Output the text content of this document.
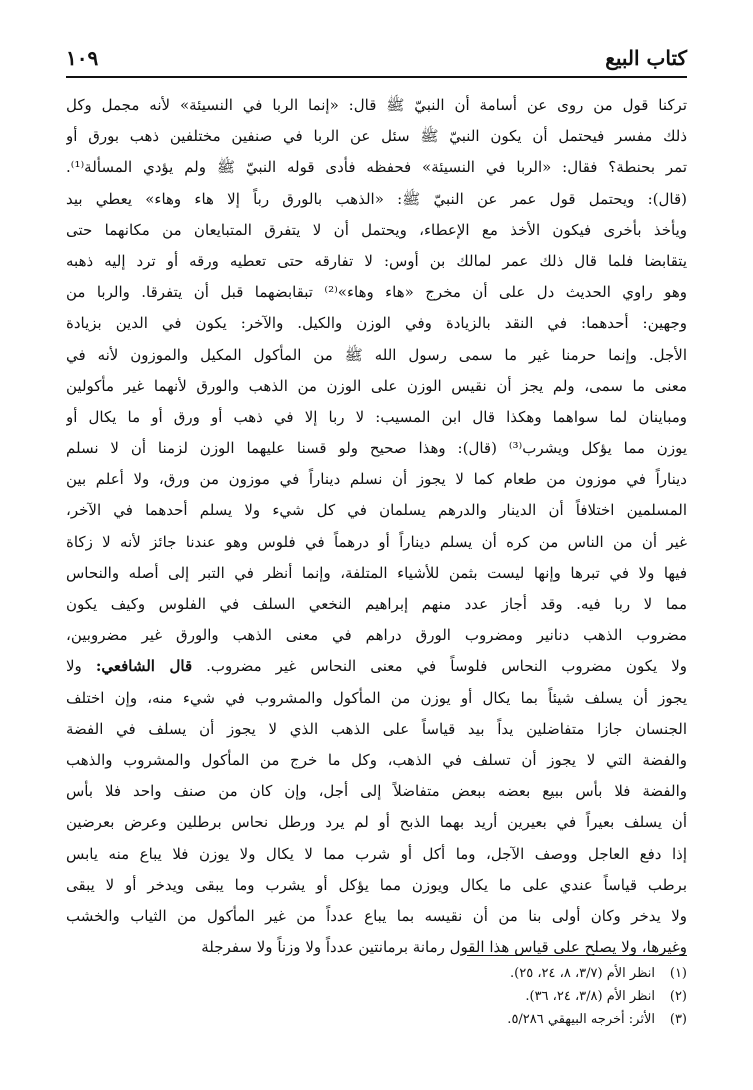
كتاب البيع
١٠٩
تركنا قول من روى عن أسامة أن النبيّ ﷺ قال: «إنما الربا في النسيئة» لأنه مجمل وكل
ذلك مفسر فيحتمل أن يكون النبيّ ﷺ سئل عن الربا في صنفين مختلفين ذهب بورق أو
تمر بحنطة؟ فقال: «الربا في النسيئة» فحفظه فأدى قوله النبيّ ﷺ ولم يؤدي المسألة⁽¹⁾.
(قال): ويحتمل قول عمر عن النبيّ ﷺ: «الذهب بالورق رباً إلا هاء وهاء» يعطي بيد
ويأخذ بأخرى فيكون الأخذ مع الإعطاء، ويحتمل أن لا يتفرق المتبايعان من مكانهما حتى
يتقابضا فلما قال ذلك عمر لمالك بن أوس: لا تفارقه حتى تعطيه ورقه أو ترد إليه ذهبه
وهو راوي الحديث دل على أن مخرج «هاء وهاء»⁽²⁾ تبقابضهما قبل أن يتفرقا. والربا من
وجهين: أحدهما: في النقد بالزيادة وفي الوزن والكيل. والآخر: يكون في الدين بزيادة
الأجل. وإنما حرمنا غير ما سمى رسول الله ﷺ من المأكول المكيل والموزون لأنه في
معنى ما سمى، ولم يجز أن نقيس الوزن على الوزن من الذهب والورق لأنهما غير مأكولين
ومباينان لما سواهما وهكذا قال ابن المسيب: لا ربا إلا في ذهب أو ورق أو ما يكال أو
يوزن مما يؤكل ويشرب⁽³⁾ (قال): وهذا صحيح ولو قسنا عليهما الوزن لزمنا أن لا نسلم
ديناراً في موزون من طعام كما لا يجوز أن نسلم ديناراً في موزون من ورق، ولا أعلم بين
المسلمين اختلافاً أن الدينار والدرهم يسلمان في كل شيء ولا يسلم أحدهما في الآخر،
غير أن من الناس من كره أن يسلم ديناراً أو درهماً في فلوس وهو عندنا جائز لأنه لا زكاة
فيها ولا في تبرها وإنها ليست بثمن للأشياء المتلفة، وإنما أنظر في التبر إلى أصله والنحاس
مما لا ربا فيه. وقد أجاز عدد منهم إبراهيم النخعي السلف في الفلوس وكيف يكون
مضروب الذهب دنانير ومضروب الورق دراهم في معنى الذهب والورق غير مضروبين،
ولا يكون مضروب النحاس فلوساً في معنى النحاس غير مضروب. قال الشافعي: ولا
يجوز أن يسلف شيئاً بما يكال أو يوزن من المأكول والمشروب في شيء منه، وإن اختلف
الجنسان جازا متفاضلين يداً بيد قياساً على الذهب الذي لا يجوز أن يسلف في الفضة
والفضة التي لا يجوز أن تسلف في الذهب، وكل ما خرج من المأكول والمشروب والذهب
والفضة فلا بأس ببيع بعضه ببعض متفاضلاً إلى أجل، وإن كان من صنف واحد فلا بأس
أن يسلف بعيراً في بعيرين أريد بهما الذبح أو لم يرد ورطل نحاس برطلين وعرض بعرضين
إذا دفع العاجل ووصف الآجل، وما أكل أو شرب مما لا يكال ولا يوزن فلا يباع منه يابس
برطب قياساً عندي على ما يكال ويوزن مما يؤكل أو يشرب وما يبقى ويدخر أو لا يبقى
ولا يدخر وكان أولى بنا من أن نقيسه بما يباع عدداً من غير المأكول من الثياب والخشب
وغيرها، ولا يصلح على قياس هذا القول رمانة برمانتين عدداً ولا وزناً ولا سفرجلة
(١)
انظر الأم (٣/٧، ٨، ٢٤، ٢٥).
(٢)
انظر الأم (٣/٨، ٢٤، ٣٦).
(٣)
الأثر: أخرجه البيهقي ٥/٢٨٦.
